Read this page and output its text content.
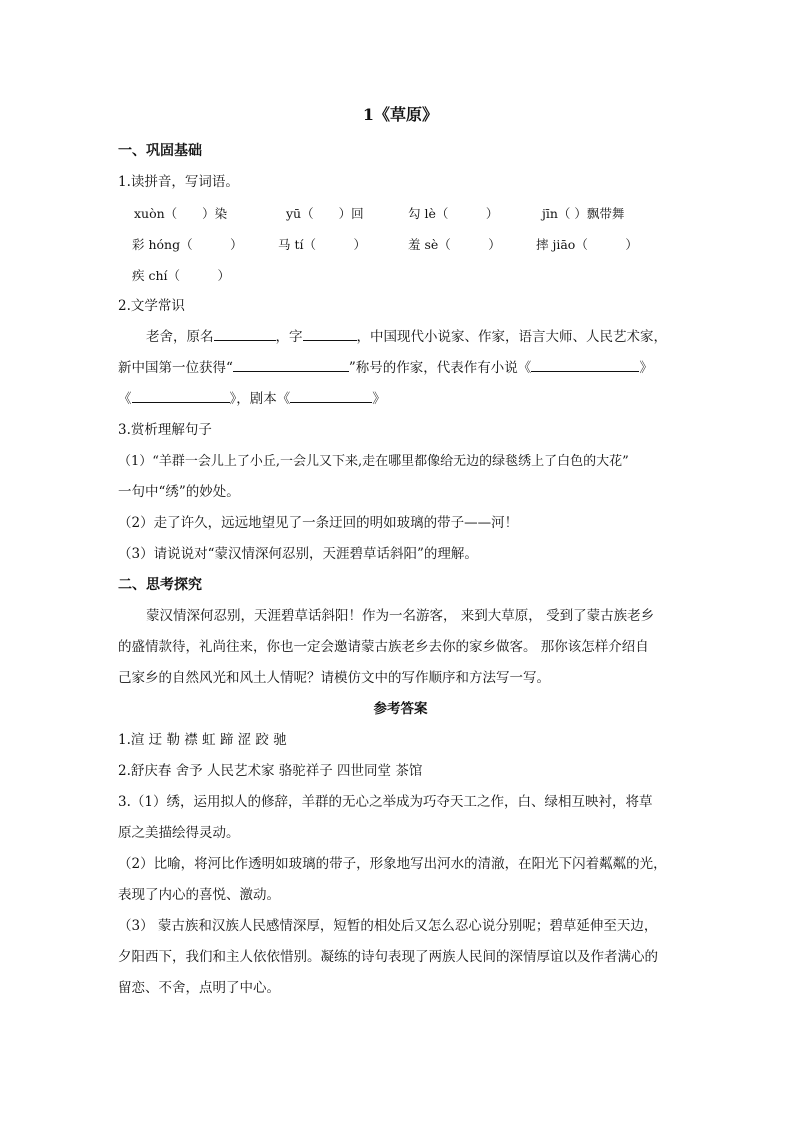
1《草原》
一、巩固基础
1.读拼音，写词语。
xuòn（　　）染	yū（　　）回	勾 lè（　　　）	jīn（ ）飘带舞
彩 hóng（　　　）	马 tí（　　　）	羞 sè（　　　）	摔 jiāo（　　　）
疾 chí（　　　）
2.文学常识
老舍，原名	，字	，中国现代小说家、作家，语言大师、人民艺术家，
新中国第一位获得“	”称号的作家，代表作有小说《	》
《	》，剧本《	》
3.赏析理解句子
（1）“羊群一会儿上了小丘,一会儿又下来,走在哪里都像给无边的绿毯绣上了白色的大花”
一句中“绣”的妙处。
（2）走了许久，远远地望见了一条迂回的明如玻璃的带子——河！
（3）请说说对“蒙汉情深何忍别，天涯碧草话斜阳”的理解。
二、思考探究
蒙汉情深何忍别，天涯碧草话斜阳！作为一名游客， 来到大草原， 受到了蒙古族老乡
的盛情款待，礼尚往来，你也一定会邀请蒙古族老乡去你的家乡做客。 那你该怎样介绍自
己家乡的自然风光和风土人情呢？请模仿文中的写作顺序和方法写一写。
参考答案
1.渲 迂 勒 襟 虹 蹄 涩 跤 驰
2.舒庆春 舍予 人民艺术家 骆驼祥子 四世同堂 茶馆
3.（1）绣，运用拟人的修辞，羊群的无心之举成为巧夺天工之作，白、绿相互映衬，将草
原之美描绘得灵动。
（2）比喻，将河比作透明如玻璃的带子，形象地写出河水的清澈，在阳光下闪着粼粼的光，
表现了内心的喜悦、激动。
（3） 蒙古族和汉族人民感情深厚，短暂的相处后又怎么忍心说分别呢；碧草延伸至天边，
夕阳西下，我们和主人依依惜别。凝练的诗句表现了两族人民间的深情厚谊以及作者满心的
留恋、不舍，点明了中心。
